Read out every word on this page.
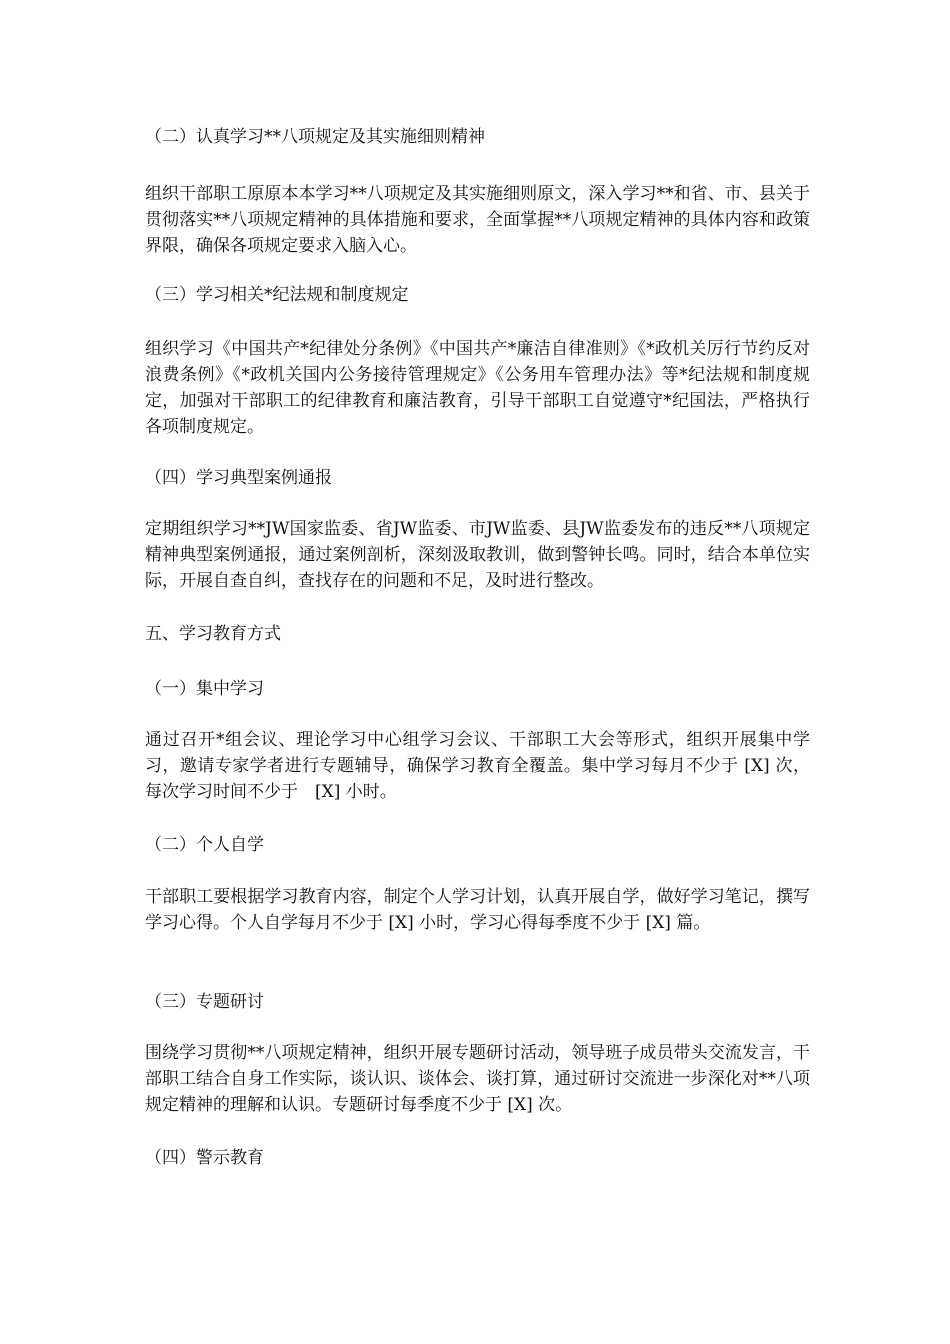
（二）认真学习**八项规定及其实施细则精神
组织干部职工原原本本学习**八项规定及其实施细则原文，深入学习**和省、市、县关于贯彻落实**八项规定精神的具体措施和要求，全面掌握**八项规定精神的具体内容和政策界限，确保各项规定要求入脑入心。
（三）学习相关*纪法规和制度规定
组织学习《中国共产*纪律处分条例》《中国共产*廉洁自律准则》《*政机关厉行节约反对浪费条例》《*政机关国内公务接待管理规定》《公务用车管理办法》等*纪法规和制度规定，加强对干部职工的纪律教育和廉洁教育，引导干部职工自觉遵守*纪国法，严格执行各项制度规定。
（四）学习典型案例通报
定期组织学习**JW国家监委、省JW监委、市JW监委、县JW监委发布的违反**八项规定精神典型案例通报，通过案例剖析，深刻汲取教训，做到警钟长鸣。同时，结合本单位实际，开展自查自纠，查找存在的问题和不足，及时进行整改。
五、学习教育方式
（一）集中学习
通过召开*组会议、理论学习中心组学习会议、干部职工大会等形式，组织开展集中学习，邀请专家学者进行专题辅导，确保学习教育全覆盖。集中学习每月不少于 [X] 次，每次学习时间不少于　[X] 小时。
（二）个人自学
干部职工要根据学习教育内容，制定个人学习计划，认真开展自学，做好学习笔记，撰写学习心得。个人自学每月不少于 [X] 小时，学习心得每季度不少于 [X] 篇。
（三）专题研讨
围绕学习贯彻**八项规定精神，组织开展专题研讨活动，领导班子成员带头交流发言，干部职工结合自身工作实际，谈认识、谈体会、谈打算，通过研讨交流进一步深化对**八项规定精神的理解和认识。专题研讨每季度不少于 [X] 次。
（四）警示教育
